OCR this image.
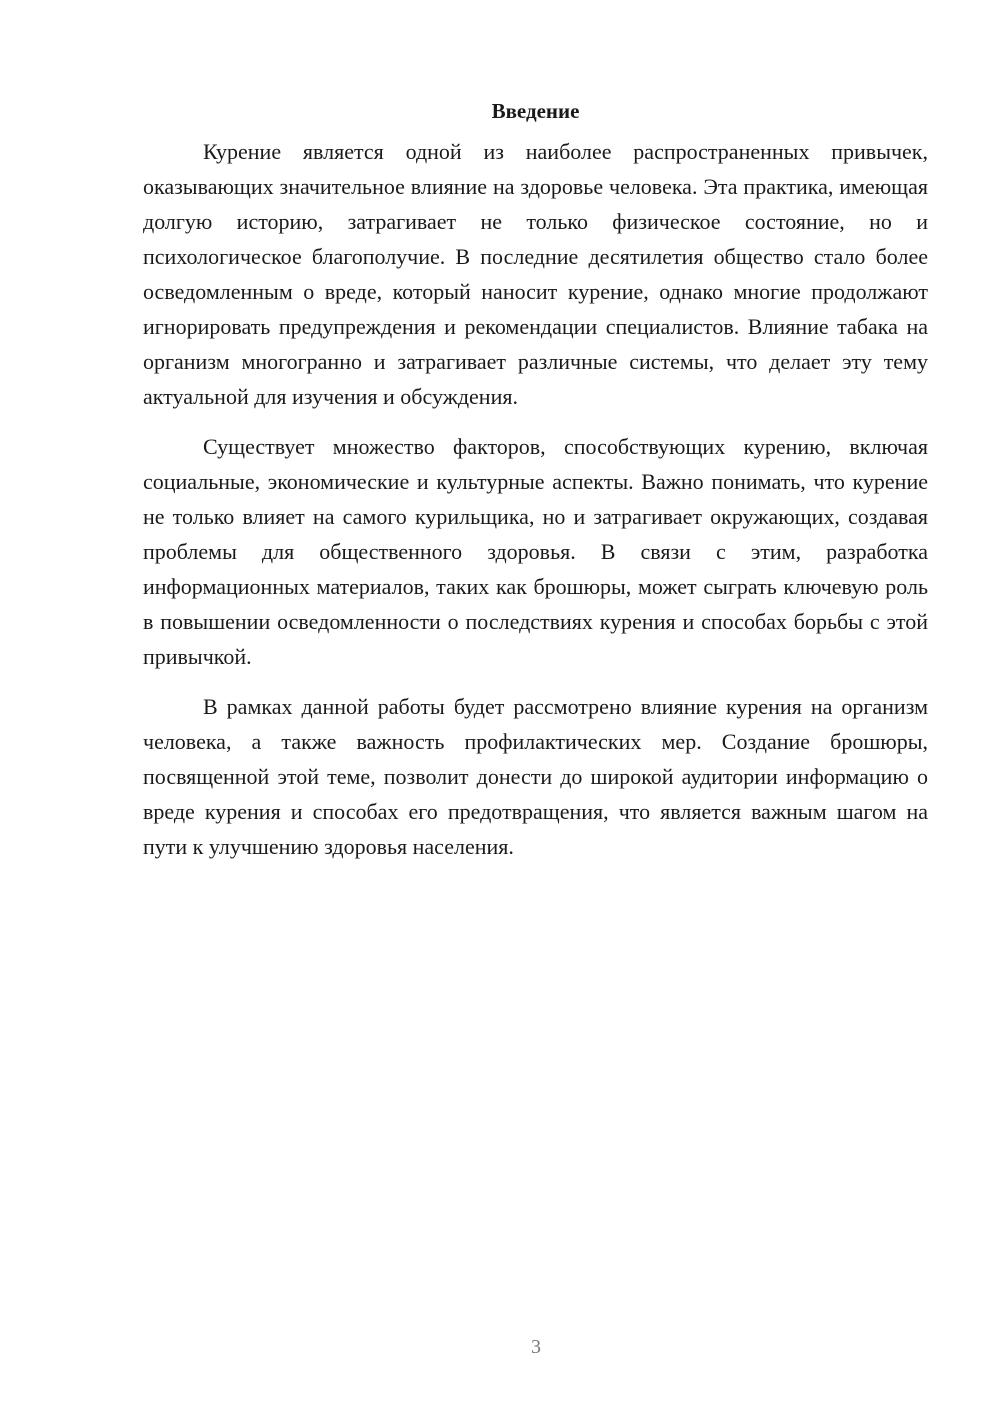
Введение

Курение является одной из наиболее распространенных привычек, оказывающих значительное влияние на здоровье человека. Эта практика, имеющая долгую историю, затрагивает не только физическое состояние, но и психологическое благополучие. В последние десятилетия общество стало более осведомленным о вреде, который наносит курение, однако многие продолжают игнорировать предупреждения и рекомендации специалистов. Влияние табака на организм многогранно и затрагивает различные системы, что делает эту тему актуальной для изучения и обсуждения.

Существует множество факторов, способствующих курению, включая социальные, экономические и культурные аспекты. Важно понимать, что курение не только влияет на самого курильщика, но и затрагивает окружающих, создавая проблемы для общественного здоровья. В связи с этим, разработка информационных материалов, таких как брошюры, может сыграть ключевую роль в повышении осведомленности о последствиях курения и способах борьбы с этой привычкой.

В рамках данной работы будет рассмотрено влияние курения на организм человека, а также важность профилактических мер. Создание брошюры, посвященной этой теме, позволит донести до широкой аудитории информацию о вреде курения и способах его предотвращения, что является важным шагом на пути к улучшению здоровья населения.

3
